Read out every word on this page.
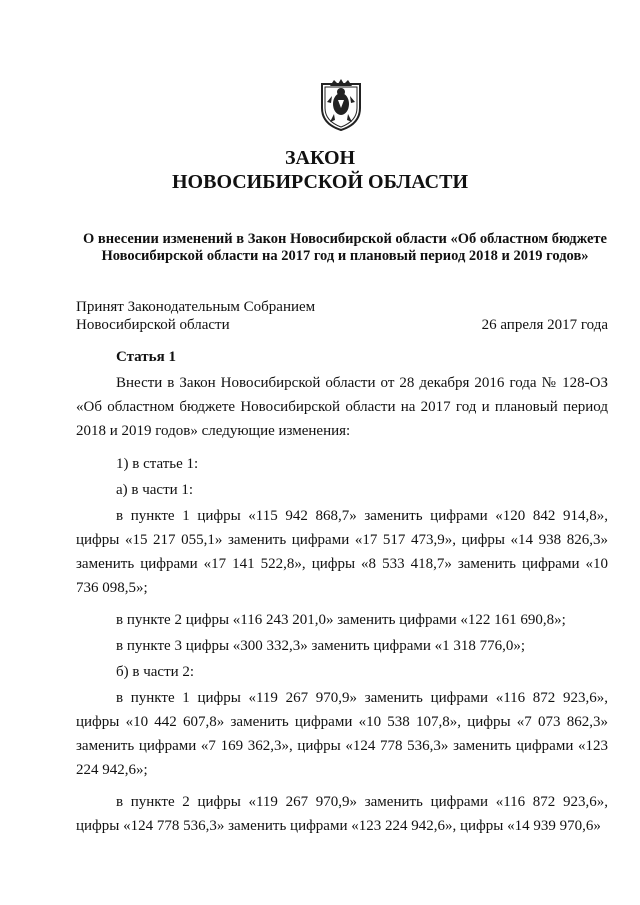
ЗАКОН
НОВОСИБИРСКОЙ ОБЛАСТИ
О внесении изменений в Закон Новосибирской области «Об областном бюджете Новосибирской области на 2017 год и плановый период 2018 и 2019 годов»
Принят Законодательным Собранием
Новосибирской области	26 апреля 2017 года
Статья 1
Внести в Закон Новосибирской области от 28 декабря 2016 года № 128-ОЗ «Об областном бюджете Новосибирской области на 2017 год и плановый период 2018 и 2019 годов» следующие изменения:
1) в статье 1:
а) в части 1:
в пункте 1 цифры «115 942 868,7» заменить цифрами «120 842 914,8», цифры «15 217 055,1» заменить цифрами «17 517 473,9», цифры «14 938 826,3» заменить цифрами «17 141 522,8», цифры «8 533 418,7» заменить цифрами «10 736 098,5»;
в пункте 2 цифры «116 243 201,0» заменить цифрами «122 161 690,8»;
в пункте 3 цифры «300 332,3» заменить цифрами «1 318 776,0»;
б) в части 2:
в пункте 1 цифры «119 267 970,9» заменить цифрами «116 872 923,6», цифры «10 442 607,8» заменить цифрами «10 538 107,8», цифры «7 073 862,3» заменить цифрами «7 169 362,3», цифры «124 778 536,3» заменить цифрами «123 224 942,6»;
в пункте 2 цифры «119 267 970,9» заменить цифрами «116 872 923,6», цифры «124 778 536,3» заменить цифрами «123 224 942,6», цифры «14 939 970,6»
